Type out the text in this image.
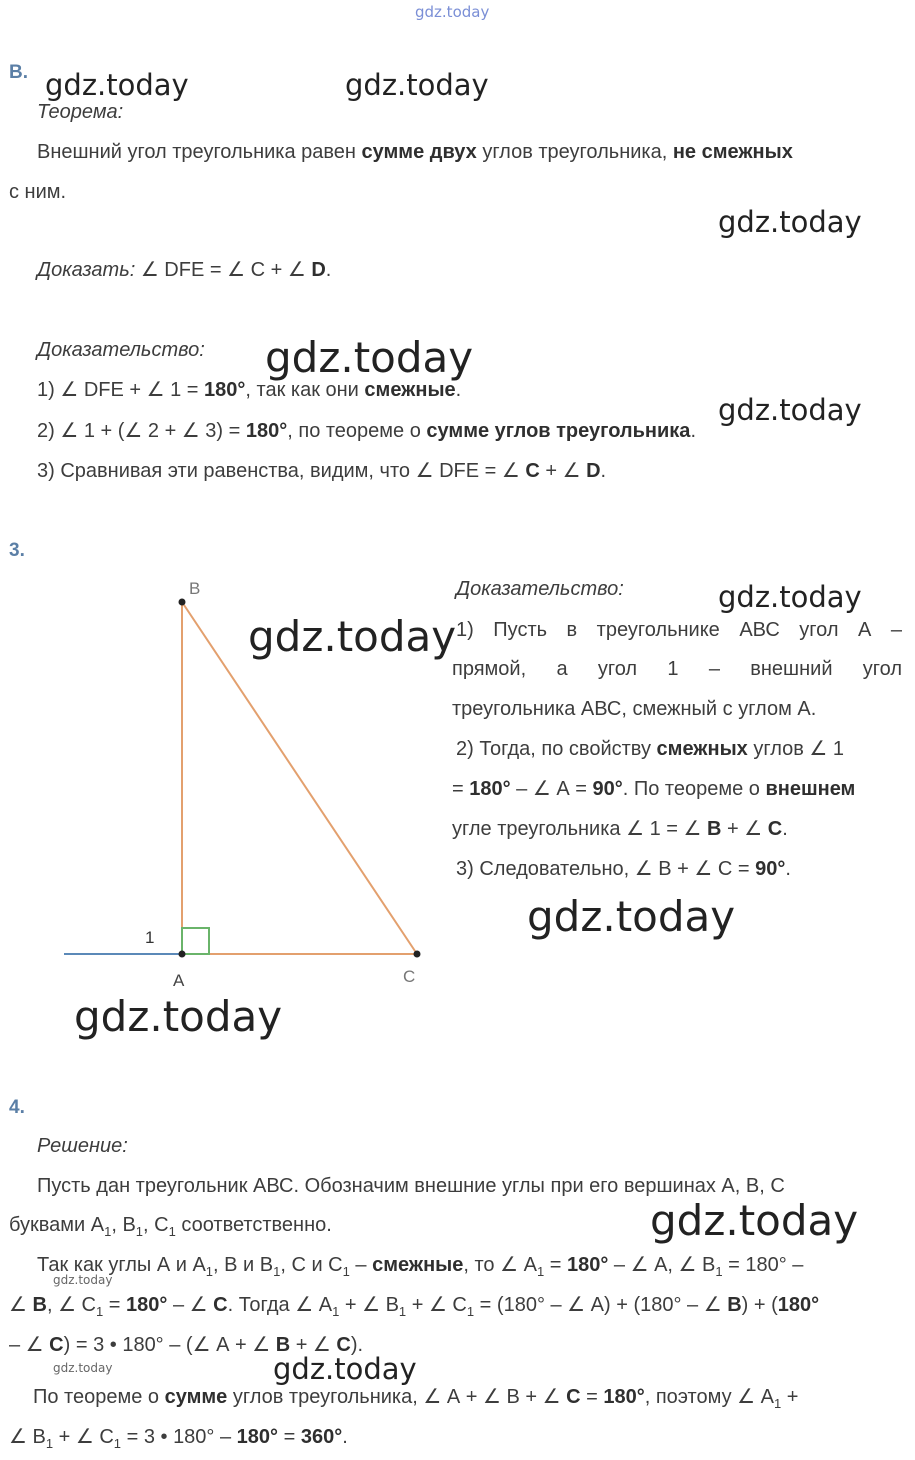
gdz.today
gdz.today	gdz.today
gdz.today
gdz.today
gdz.today
gdz.today
gdz.today
gdz.today
gdz.today
gdz.today
gdz.today
gdz.today	gdz.today
В.
Теорема:
Внешний угол треугольника равен сумме двух углов треугольника, не смежных
с ним.
Доказать: ∠ DFE = ∠ C + ∠ D.
Доказательство:
1) ∠ DFE + ∠ 1 = 180°, так как они смежные.
2) ∠ 1 + (∠ 2 + ∠ 3) = 180°, по теореме о сумме углов треугольника.
3) Сравнивая эти равенства, видим, что ∠ DFE = ∠ C + ∠ D.
3.
B
A	C
1
Доказательство:
1) Пусть в треугольнике АВС угол А –
прямой, а угол 1 – внешний угол
треугольника АВС, смежный с углом А.
2) Тогда, по свойству смежных углов ∠ 1
= 180° – ∠ А = 90°. По теореме о внешнем
угле треугольника ∠ 1 = ∠ B + ∠ C.
3) Следовательно, ∠ B + ∠ C = 90°.
4.
Решение:
Пусть дан треугольник АВС. Обозначим внешние углы при его вершинах А, В, С
буквами $А_1$, $B_1$, $C_1$ соответственно.
Так как углы А и $А_1$, В и $В_1$, С и $С_1$ – смежные, то ∠ $А_1 = 180^\circ$ – ∠ А, ∠ $В_1 = 180^\circ$ –
∠ В, ∠ $С_1 = 180^\circ$ – ∠ С. Тогда ∠ $А_1$ + ∠ $В_1$ + ∠ $С_1 = (180^\circ$ – ∠ А) + (180° – ∠ В) + (180°
– ∠ С) = 3 • 180° – (∠ А + ∠ В + ∠ С).
По теореме о сумме углов треугольника, ∠ А + ∠ В + ∠ С = 180°, поэтому ∠ $А_1$ +
∠ $В_1$ + ∠ $С_1 = 3$ • 180° – 180° = 360°.
